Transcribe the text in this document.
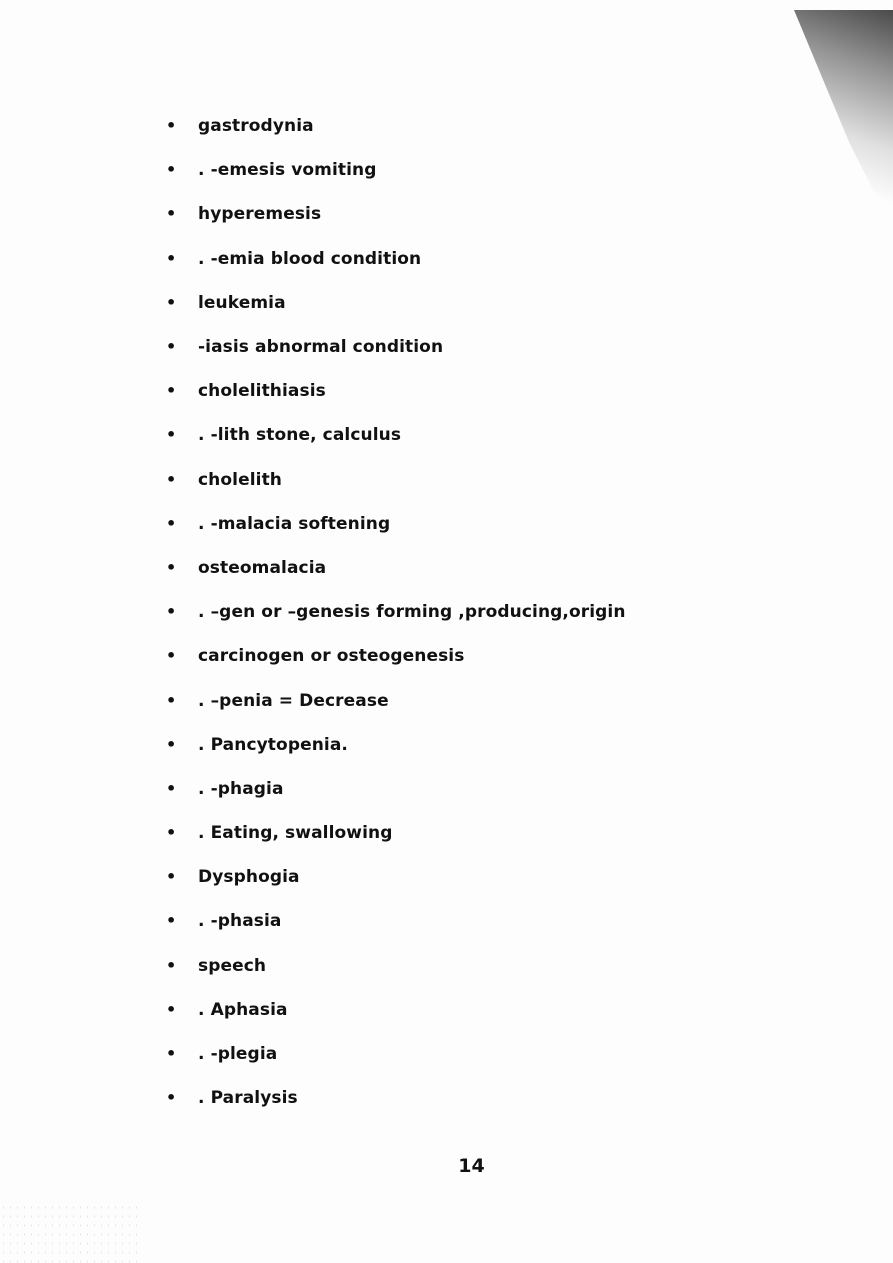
•	gastrodynia
•	. -emesis vomiting
•	hyperemesis
•	. -emia blood condition
•	leukemia
•	-iasis abnormal condition
•	cholelithiasis
•	. -lith stone, calculus
•	cholelith
•	. -malacia softening
•	osteomalacia
•	. –gen or –genesis forming ,producing,origin
•	carcinogen or osteogenesis
•	. –penia = Decrease
•	. Pancytopenia.
•	. -phagia
•	. Eating, swallowing
•	Dysphogia
•	. -phasia
•	speech
•	. Aphasia
•	. -plegia
•	. Paralysis
14
